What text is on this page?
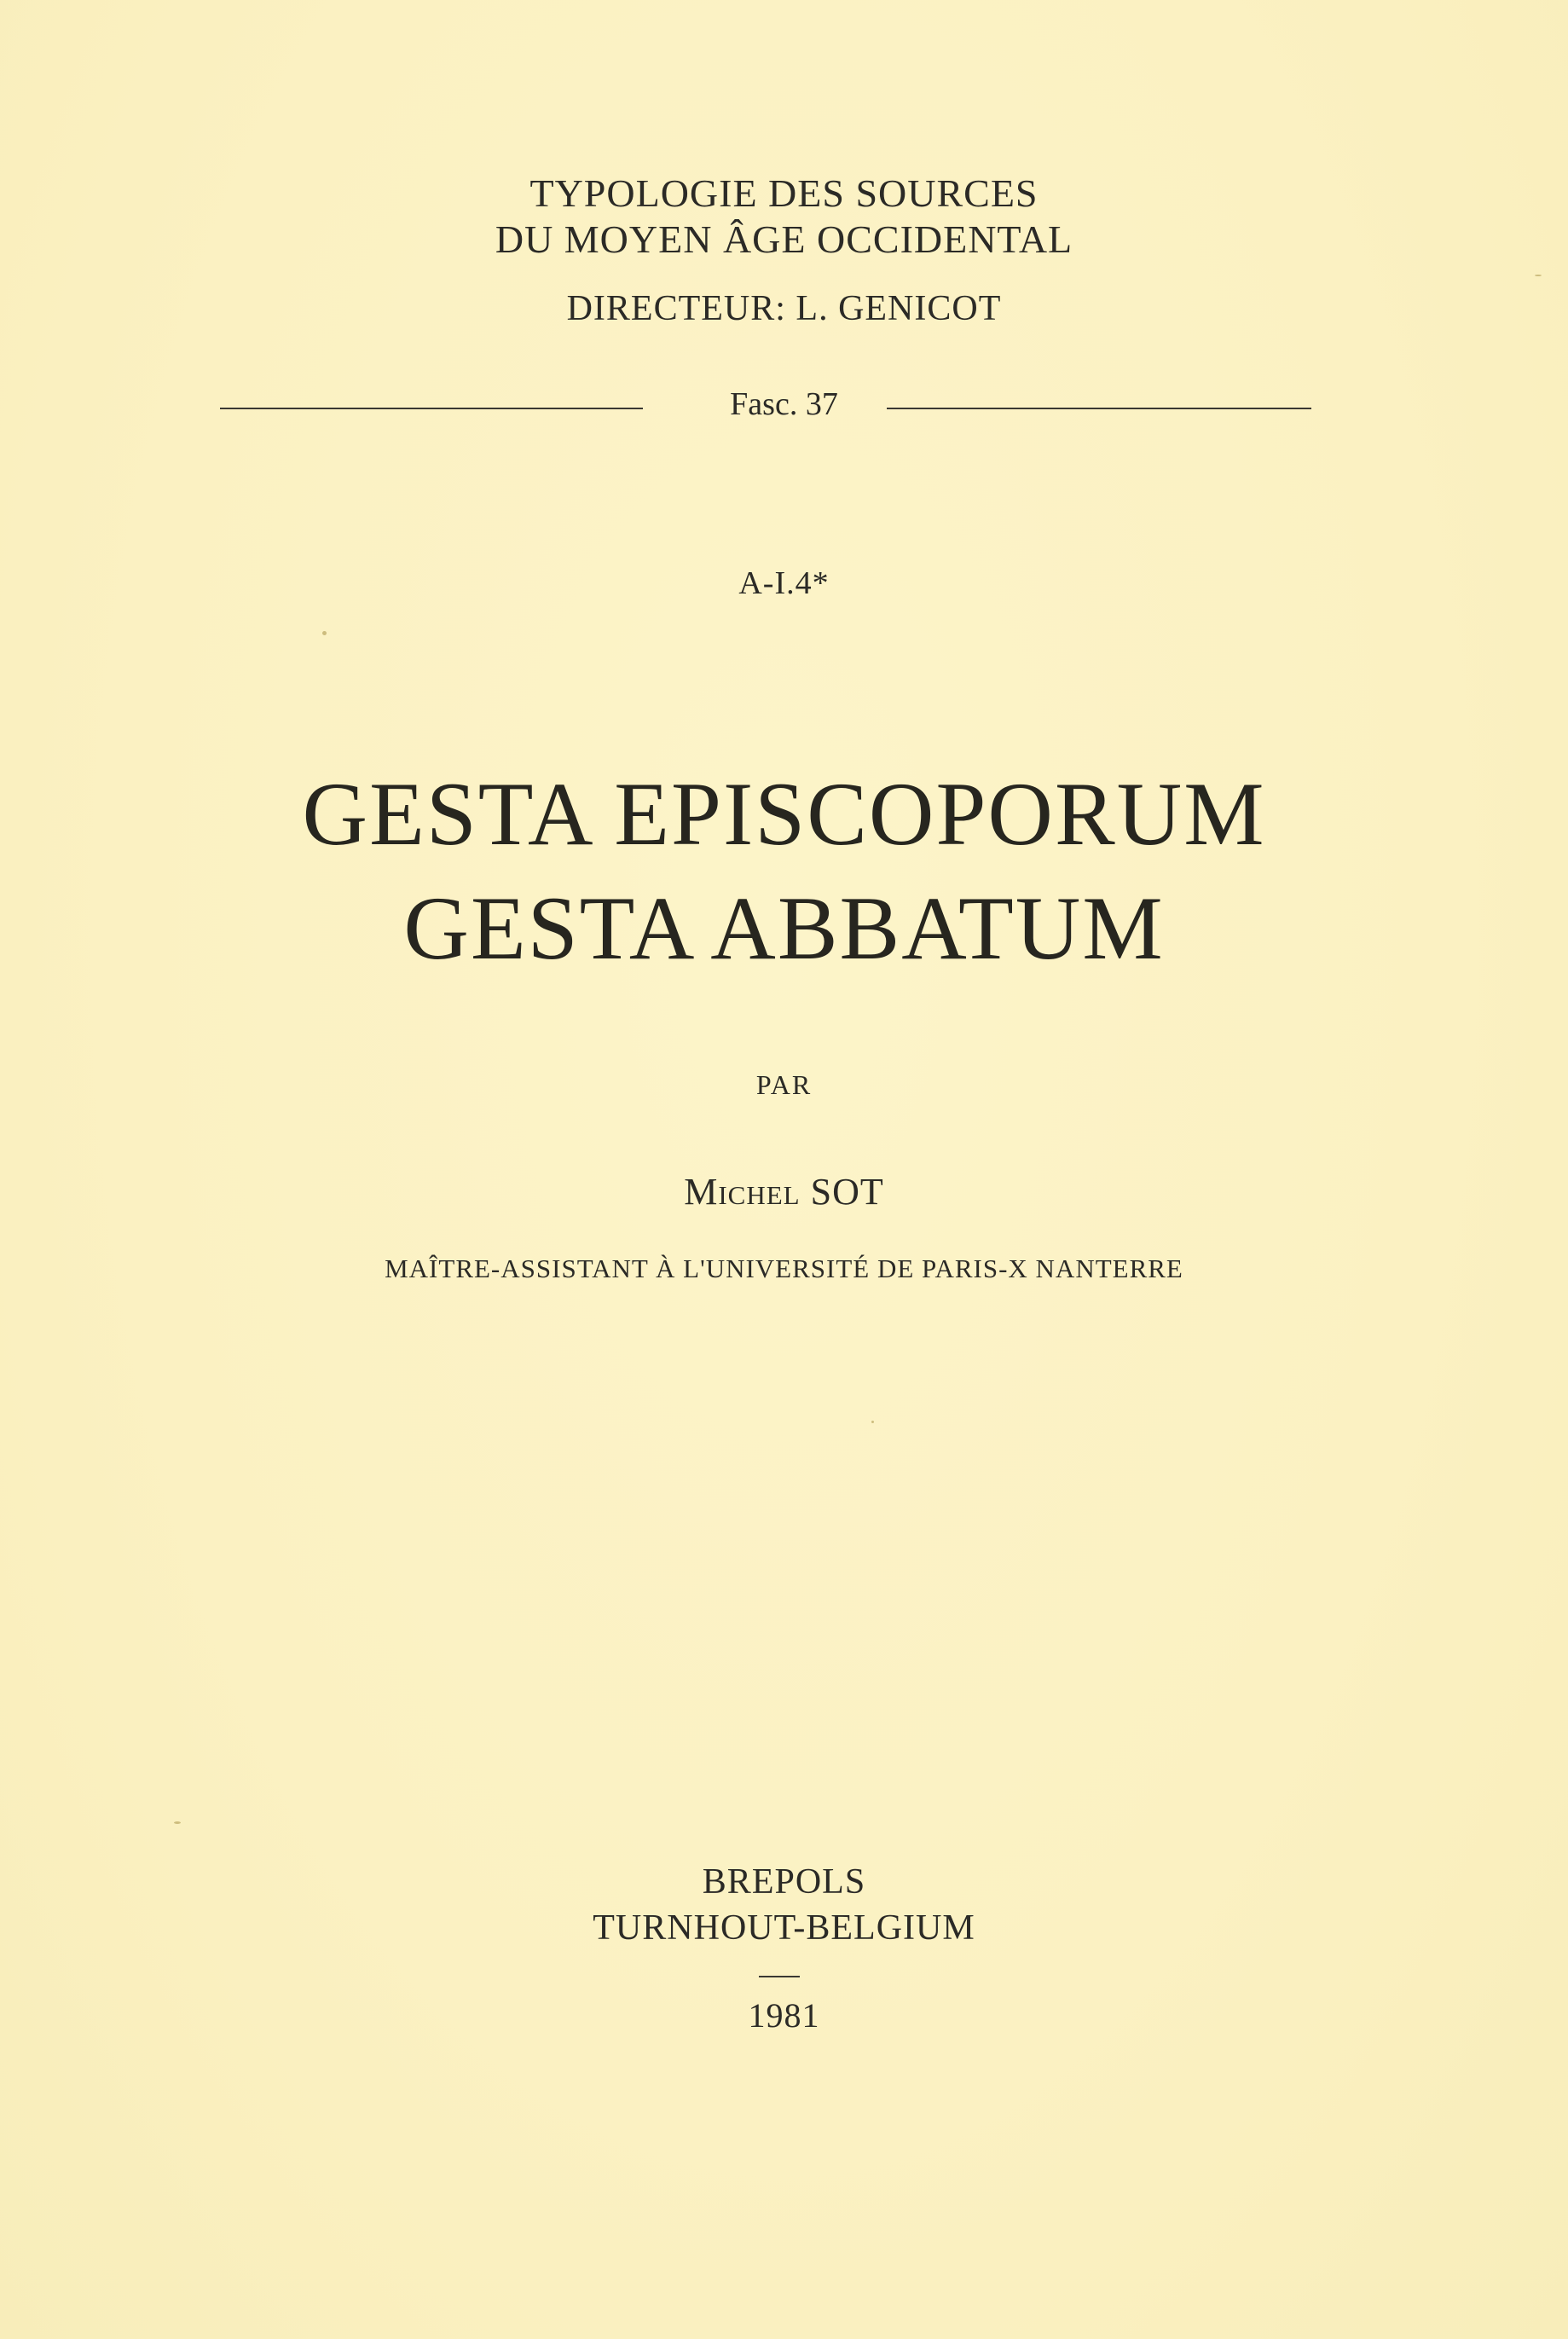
TYPOLOGIE DES SOURCES
DU MOYEN ÂGE OCCIDENTAL
DIRECTEUR: L. GENICOT
Fasc. 37
A-I.4*
GESTA EPISCOPORUM
GESTA ABBATUM
PAR
Michel SOT
MAÎTRE-ASSISTANT À L'UNIVERSITÉ DE PARIS-X NANTERRE
BREPOLS
TURNHOUT-BELGIUM
1981
